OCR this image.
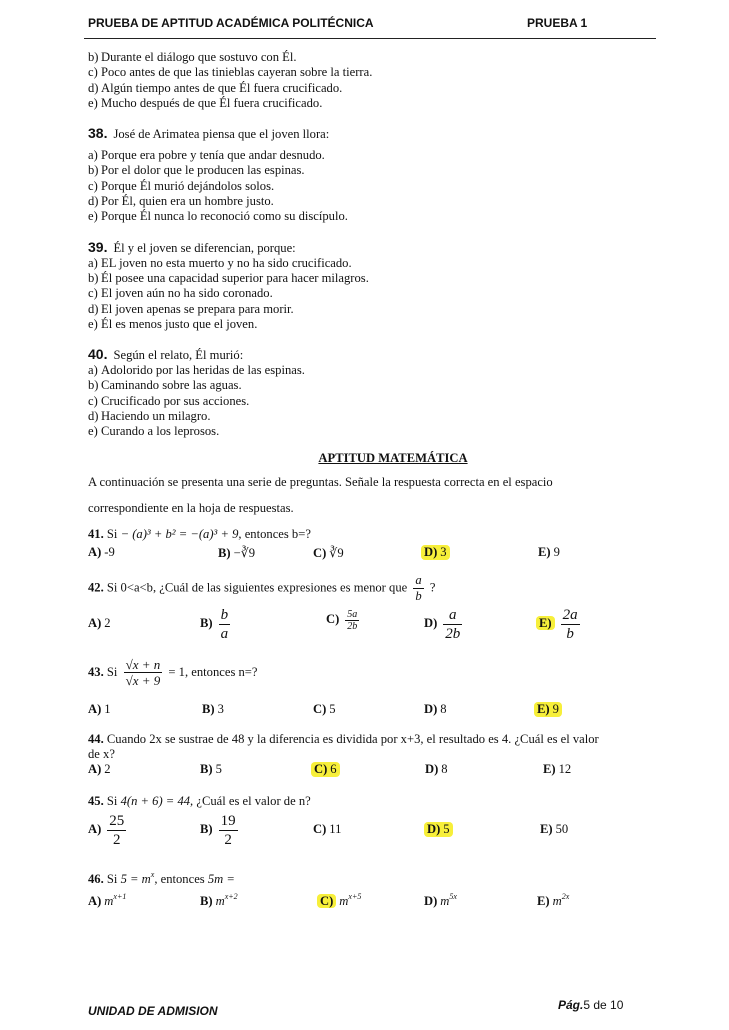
PRUEBA DE APTITUD ACADÉMICA POLITÉCNICA	PRUEBA 1
b) Durante el diálogo que sostuvo con Él.
c) Poco antes de que las tinieblas cayeran sobre la tierra.
d) Algún tiempo antes de que Él fuera crucificado.
e) Mucho después de que Él fuera crucificado.
38. José de Arimatea piensa que el joven llora:
a) Porque era pobre y tenía que andar desnudo.
b) Por el dolor que le producen las espinas.
c) Porque Él murió dejándolos solos.
d) Por Él, quien era un hombre justo.
e) Porque Él nunca lo reconoció como su discípulo.
39. Él y el joven se diferencian, porque:
a) EL joven no esta muerto y no ha sido crucificado.
b) Él posee una capacidad superior para hacer milagros.
c) El joven aún no ha sido coronado.
d) El joven apenas se prepara para morir.
e) Él es menos justo que el joven.
40. Según el relato, Él murió:
a) Adolorido por las heridas de las espinas.
b) Caminando sobre las aguas.
c) Crucificado por sus acciones.
d) Haciendo un milagro.
e) Curando a los leprosos.
APTITUD MATEMÁTICA
A continuación se presenta una serie de preguntas. Señale la respuesta correcta en el espacio
correspondiente en la hoja de respuestas.
41. Si − (a)³ + b² = −(a)³ + 9, entonces b=?
A) -9	B) −∛9	C) ∛9	D) 3	E) 9
42. Si 0<a<b, ¿Cuál de las siguientes expresiones es menor que $\frac{a}{b}$ ?
A) 2	$B) \frac{b}{a}$	$C) \frac{5a}{2b}$	$D) \frac{a}{2b}$	$E) \frac{2a}{b}$
43. Si $\frac{√x + n}{√x + 9} = 1$, entonces n=?
A) 1	B) 3	C) 5	D) 8	E) 9
44. Cuando 2x se sustrae de 48 y la diferencia es dividida por x+3, el resultado es 4. ¿Cuál es el valor
de x?
A) 2	B) 5	C) 6	D) 8	E) 12
45. Si 4(n + 6) = 44, ¿Cuál es el valor de n?
$A) \frac{25}{2}$	$B) \frac{19}{2}$	C) 11	D) 5	E) 50
46. Si $5 = m^x$, entonces 5m =
A) $m^{x+1}$	B) $m^{x+2}$	C) $m^{x+5}$	D) $m^{5x}$	E) $m^{2x}$
UNIDAD DE ADMISION	Pág.5 de 10
